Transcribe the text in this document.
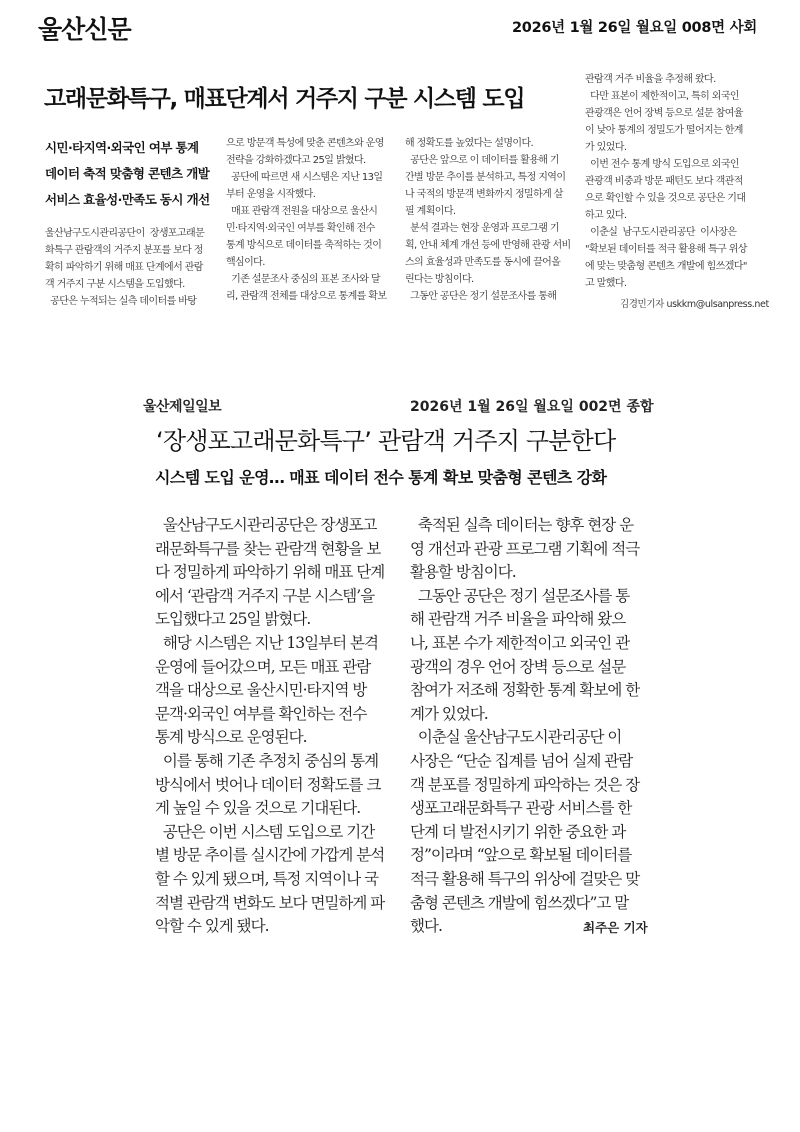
울산신문	2026년 1월 26일 월요일 008면 사회
고래문화특구, 매표단계서 거주지 구분 시스템 도입
시민·타지역·외국인 여부 통계
데이터 축적 맞춤형 콘텐츠 개발
서비스 효율성·만족도 동시 개선
울산남구도시관리공단이  장생포고래문
화특구 관람객의 거주지 분포를 보다 정
확히 파악하기 위해 매표 단계에서 관람
객 거주지 구분 시스템을 도입했다.
공단은 누적되는 실측 데이터를 바탕
으로 방문객 특성에 맞춘 콘텐츠와 운영
전략을 강화하겠다고 25일 밝혔다.
공단에 따르면 새 시스템은 지난 13일
부터 운영을 시작했다.
매표 관람객 전원을 대상으로 울산시
민·타지역·외국인 여부를 확인해 전수
통계 방식으로 데이터를 축적하는 것이
핵심이다.
기존 설문조사 중심의 표본 조사와 달
리, 관람객 전체를 대상으로 통계를 확보
해 정확도를 높였다는 설명이다.
공단은 앞으로 이 데이터를 활용해 기
간별 방문 추이를 분석하고, 특정 지역이
나 국적의 방문객 변화까지 정밀하게 살
필 계획이다.
분석 결과는 현장 운영과 프로그램 기
획, 안내 체계 개선 등에 반영해 관광 서비
스의 효율성과 만족도를 동시에 끌어올
린다는 방침이다.
그동안 공단은 정기 설문조사를 통해
관람객 거주 비율을 추정해 왔다.
다만 표본이 제한적이고, 특히 외국인
관광객은 언어 장벽 등으로 설문 참여율
이 낮아 통계의 정밀도가 떨어지는 한계
가 있었다.
이번 전수 통계 방식 도입으로 외국인
관광객 비중과 방문 패턴도 보다 객관적
으로 확인할 수 있을 것으로 공단은 기대
하고 있다.
이춘실  남구도시관리공단  이사장은
"확보된 데이터를 적극 활용해 특구 위상
에 맞는 맞춤형 콘텐츠 개발에 힘쓰겠다"
고 말했다.
김경민기자 uskkm@ulsanpress.net
울산제일일보	2026년 1월 26일 월요일 002면 종합
‘장생포고래문화특구’ 관람객 거주지 구분한다
시스템 도입 운영… 매표 데이터 전수 통계 확보 맞춤형 콘텐츠 강화
울산남구도시관리공단은 장생포고
래문화특구를 찾는 관람객 현황을 보
다 정밀하게 파악하기 위해 매표 단계
에서 ‘관람객 거주지 구분 시스템’을
도입했다고 25일 밝혔다.
해당 시스템은 지난 13일부터 본격
운영에 들어갔으며, 모든 매표 관람
객을 대상으로 울산시민·타지역 방
문객·외국인 여부를 확인하는 전수
통계 방식으로 운영된다.
이를 통해 기존 추정치 중심의 통계
방식에서 벗어나 데이터 정확도를 크
게 높일 수 있을 것으로 기대된다.
공단은 이번 시스템 도입으로 기간
별 방문 추이를 실시간에 가깝게 분석
할 수 있게 됐으며, 특정 지역이나 국
적별 관람객 변화도 보다 면밀하게 파
악할 수 있게 됐다.
축적된 실측 데이터는 향후 현장 운
영 개선과 관광 프로그램 기획에 적극
활용할 방침이다.
그동안 공단은 정기 설문조사를 통
해 관람객 거주 비율을 파악해 왔으
나, 표본 수가 제한적이고 외국인 관
광객의 경우 언어 장벽 등으로 설문
참여가 저조해 정확한 통계 확보에 한
계가 있었다.
이춘실 울산남구도시관리공단 이
사장은 “단순 집계를 넘어 실제 관람
객 분포를 정밀하게 파악하는 것은 장
생포고래문화특구 관광 서비스를 한
단계 더 발전시키기 위한 중요한 과
정”이라며 “앞으로 확보될 데이터를
적극 활용해 특구의 위상에 걸맞은 맞
춤형 콘텐츠 개발에 힘쓰겠다”고 말
했다.	최주은 기자
